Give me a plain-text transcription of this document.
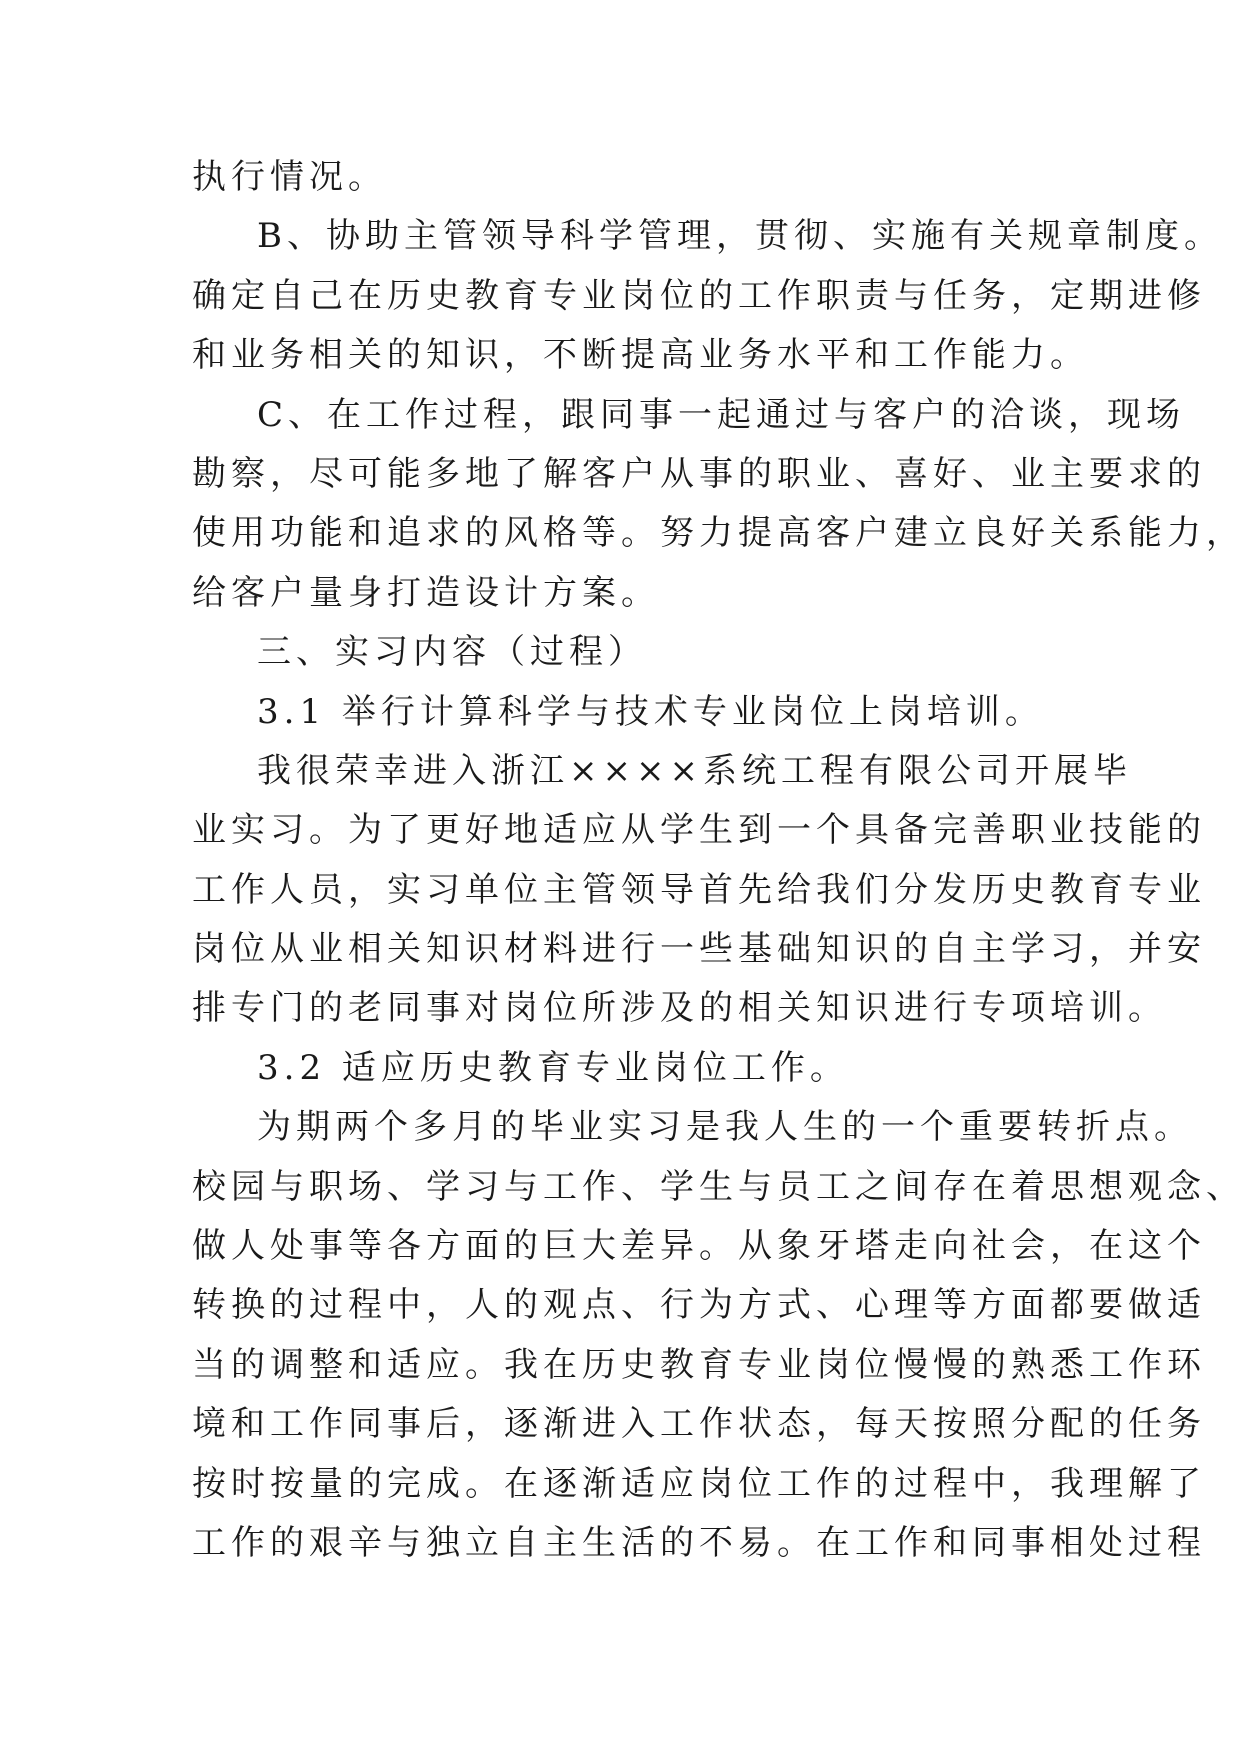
执行情况。
B、协助主管领导科学管理，贯彻、实施有关规章制度。
确定自己在历史教育专业岗位的工作职责与任务，定期进修
和业务相关的知识，不断提高业务水平和工作能力。
C、在工作过程，跟同事一起通过与客户的洽谈，现场
勘察，尽可能多地了解客户从事的职业、喜好、业主要求的
使用功能和追求的风格等。努力提高客户建立良好关系能力，
给客户量身打造设计方案。
三、实习内容（过程）
3.1 举行计算科学与技术专业岗位上岗培训。
我很荣幸进入浙江××××系统工程有限公司开展毕
业实习。为了更好地适应从学生到一个具备完善职业技能的
工作人员，实习单位主管领导首先给我们分发历史教育专业
岗位从业相关知识材料进行一些基础知识的自主学习，并安
排专门的老同事对岗位所涉及的相关知识进行专项培训。
3.2 适应历史教育专业岗位工作。
为期两个多月的毕业实习是我人生的一个重要转折点。
校园与职场、学习与工作、学生与员工之间存在着思想观念、
做人处事等各方面的巨大差异。从象牙塔走向社会，在这个
转换的过程中，人的观点、行为方式、心理等方面都要做适
当的调整和适应。我在历史教育专业岗位慢慢的熟悉工作环
境和工作同事后，逐渐进入工作状态，每天按照分配的任务
按时按量的完成。在逐渐适应岗位工作的过程中，我理解了
工作的艰辛与独立自主生活的不易。在工作和同事相处过程
